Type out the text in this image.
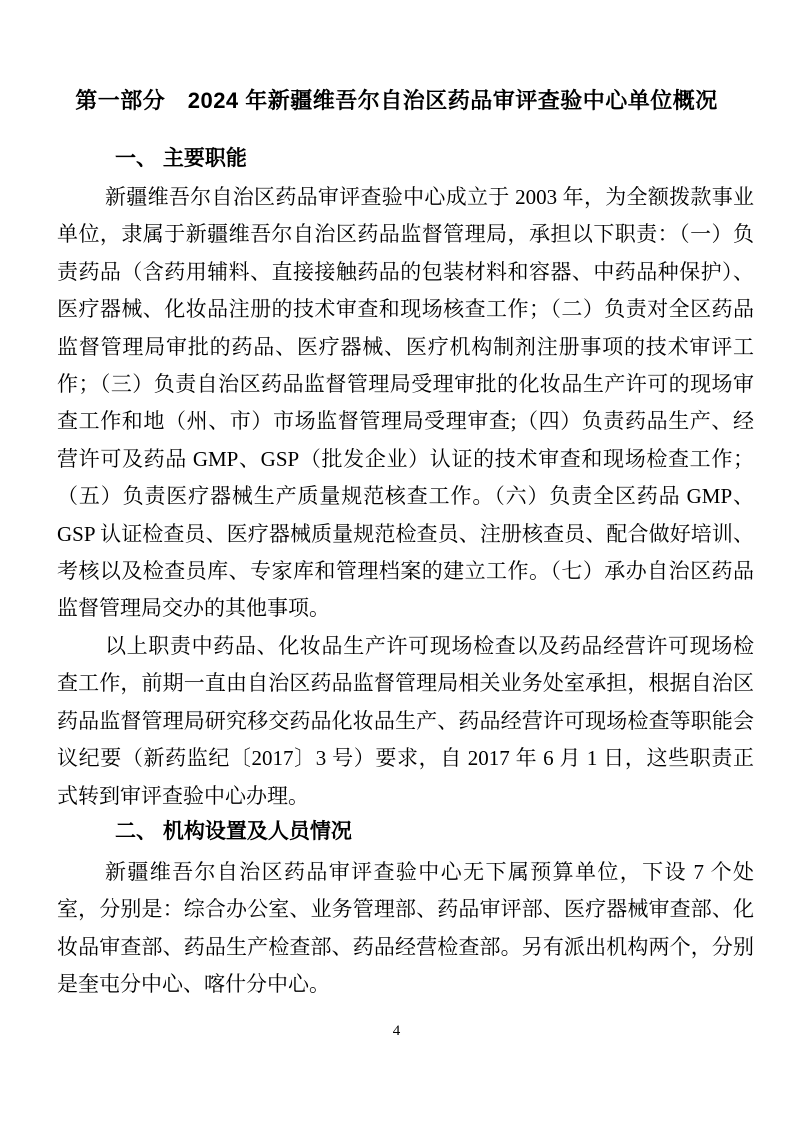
第一部分　2024 年新疆维吾尔自治区药品审评查验中心单位概况
一、 主要职能

新疆维吾尔自治区药品审评查验中心成立于 2003 年，为全额拨款事业单位，隶属于新疆维吾尔自治区药品监督管理局，承担以下职责：（一）负责药品（含药用辅料、直接接触药品的包装材料和容器、中药品种保护）、医疗器械、化妆品注册的技术审查和现场核查工作；（二）负责对全区药品监督管理局审批的药品、医疗器械、医疗机构制剂注册事项的技术审评工作；（三）负责自治区药品监督管理局受理审批的化妆品生产许可的现场审查工作和地（州、市）市场监督管理局受理审查;（四）负责药品生产、经营许可及药品 GMP、GSP（批发企业）认证的技术审查和现场检查工作；（五）负责医疗器械生产质量规范核查工作。（六）负责全区药品 GMP、GSP 认证检查员、医疗器械质量规范检查员、注册核查员、配合做好培训、考核以及检查员库、专家库和管理档案的建立工作。（七）承办自治区药品监督管理局交办的其他事项。

以上职责中药品、化妆品生产许可现场检查以及药品经营许可现场检查工作，前期一直由自治区药品监督管理局相关业务处室承担，根据自治区药品监督管理局研究移交药品化妆品生产、药品经营许可现场检查等职能会议纪要（新药监纪〔2017〕3 号）要求，自 2017 年 6 月 1 日，这些职责正式转到审评查验中心办理。

二、 机构设置及人员情况

新疆维吾尔自治区药品审评查验中心无下属预算单位，下设 7 个处室，分别是：综合办公室、业务管理部、药品审评部、医疗器械审查部、化妆品审查部、药品生产检查部、药品经营检查部。另有派出机构两个，分别是奎屯分中心、喀什分中心。

4
